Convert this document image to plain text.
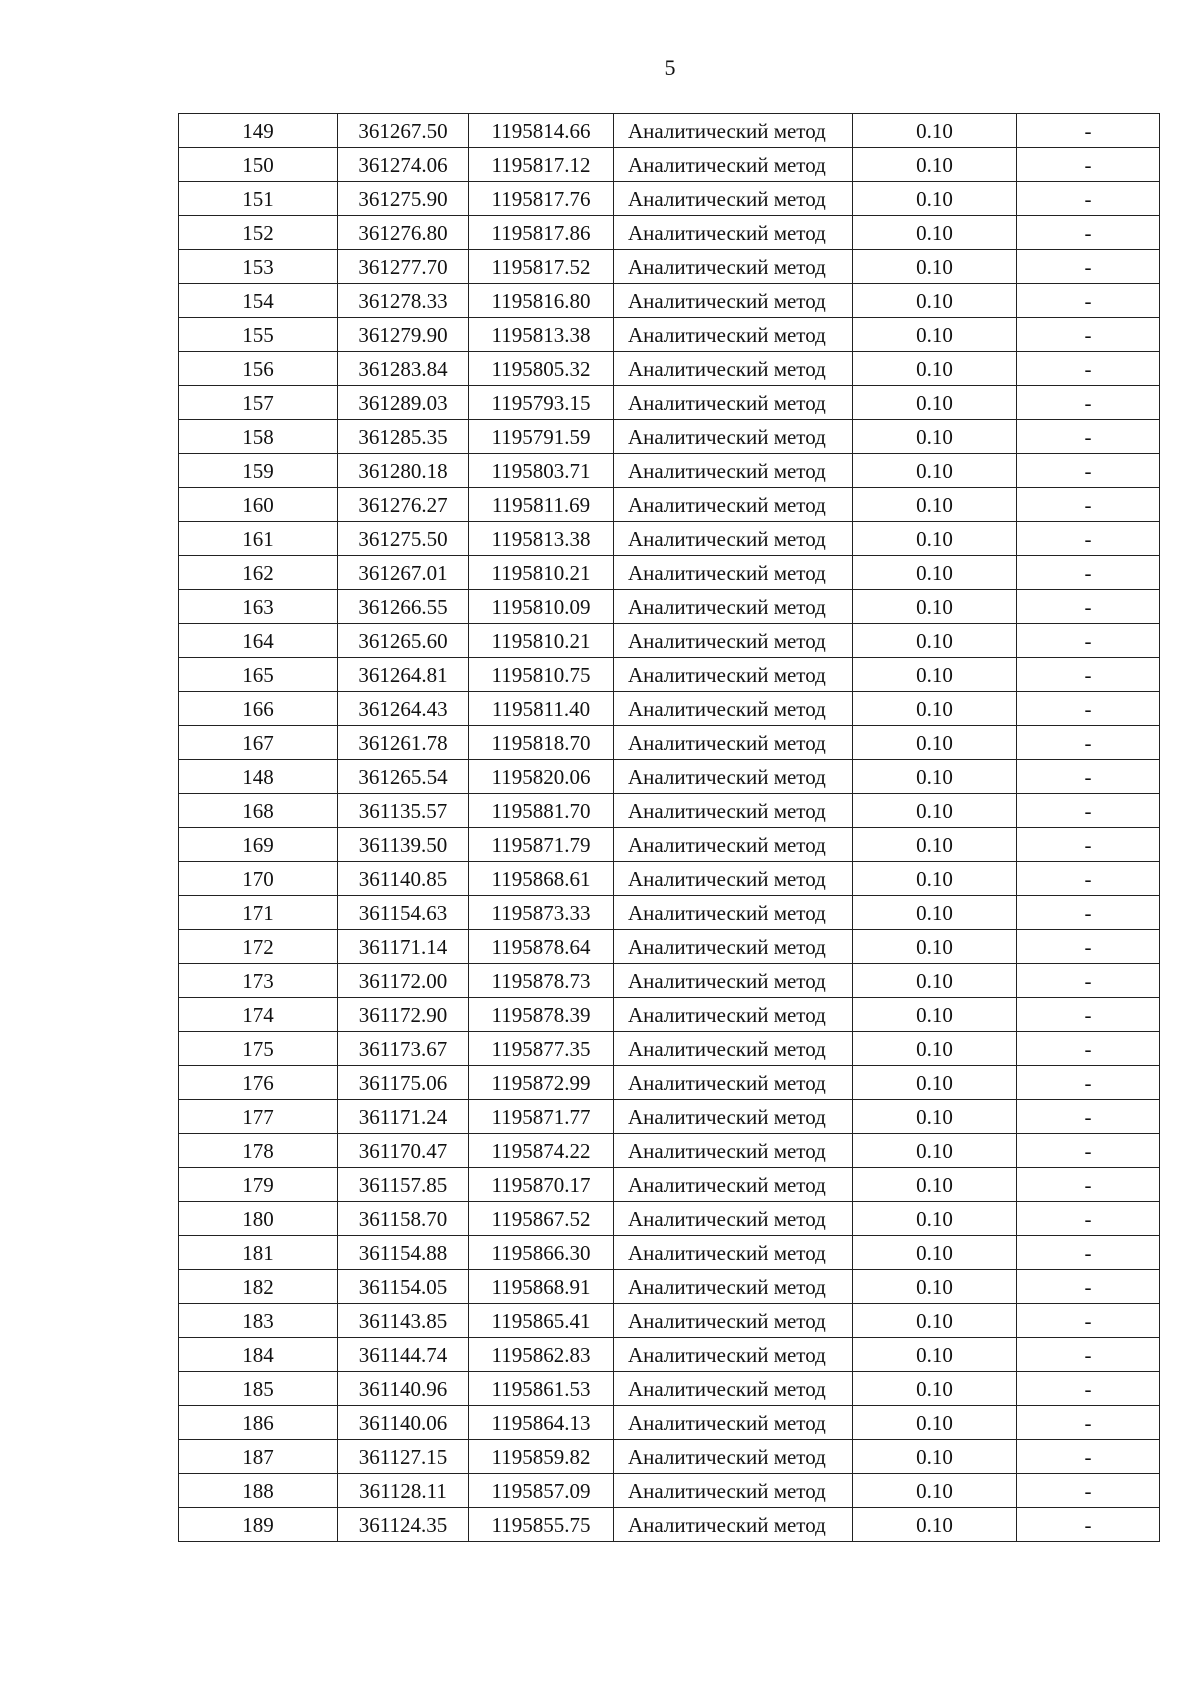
5
149	361267.50	1195814.66	Аналитический метод	0.10	-
150	361274.06	1195817.12	Аналитический метод	0.10	-
151	361275.90	1195817.76	Аналитический метод	0.10	-
152	361276.80	1195817.86	Аналитический метод	0.10	-
153	361277.70	1195817.52	Аналитический метод	0.10	-
154	361278.33	1195816.80	Аналитический метод	0.10	-
155	361279.90	1195813.38	Аналитический метод	0.10	-
156	361283.84	1195805.32	Аналитический метод	0.10	-
157	361289.03	1195793.15	Аналитический метод	0.10	-
158	361285.35	1195791.59	Аналитический метод	0.10	-
159	361280.18	1195803.71	Аналитический метод	0.10	-
160	361276.27	1195811.69	Аналитический метод	0.10	-
161	361275.50	1195813.38	Аналитический метод	0.10	-
162	361267.01	1195810.21	Аналитический метод	0.10	-
163	361266.55	1195810.09	Аналитический метод	0.10	-
164	361265.60	1195810.21	Аналитический метод	0.10	-
165	361264.81	1195810.75	Аналитический метод	0.10	-
166	361264.43	1195811.40	Аналитический метод	0.10	-
167	361261.78	1195818.70	Аналитический метод	0.10	-
148	361265.54	1195820.06	Аналитический метод	0.10	-
168	361135.57	1195881.70	Аналитический метод	0.10	-
169	361139.50	1195871.79	Аналитический метод	0.10	-
170	361140.85	1195868.61	Аналитический метод	0.10	-
171	361154.63	1195873.33	Аналитический метод	0.10	-
172	361171.14	1195878.64	Аналитический метод	0.10	-
173	361172.00	1195878.73	Аналитический метод	0.10	-
174	361172.90	1195878.39	Аналитический метод	0.10	-
175	361173.67	1195877.35	Аналитический метод	0.10	-
176	361175.06	1195872.99	Аналитический метод	0.10	-
177	361171.24	1195871.77	Аналитический метод	0.10	-
178	361170.47	1195874.22	Аналитический метод	0.10	-
179	361157.85	1195870.17	Аналитический метод	0.10	-
180	361158.70	1195867.52	Аналитический метод	0.10	-
181	361154.88	1195866.30	Аналитический метод	0.10	-
182	361154.05	1195868.91	Аналитический метод	0.10	-
183	361143.85	1195865.41	Аналитический метод	0.10	-
184	361144.74	1195862.83	Аналитический метод	0.10	-
185	361140.96	1195861.53	Аналитический метод	0.10	-
186	361140.06	1195864.13	Аналитический метод	0.10	-
187	361127.15	1195859.82	Аналитический метод	0.10	-
188	361128.11	1195857.09	Аналитический метод	0.10	-
189	361124.35	1195855.75	Аналитический метод	0.10	-
